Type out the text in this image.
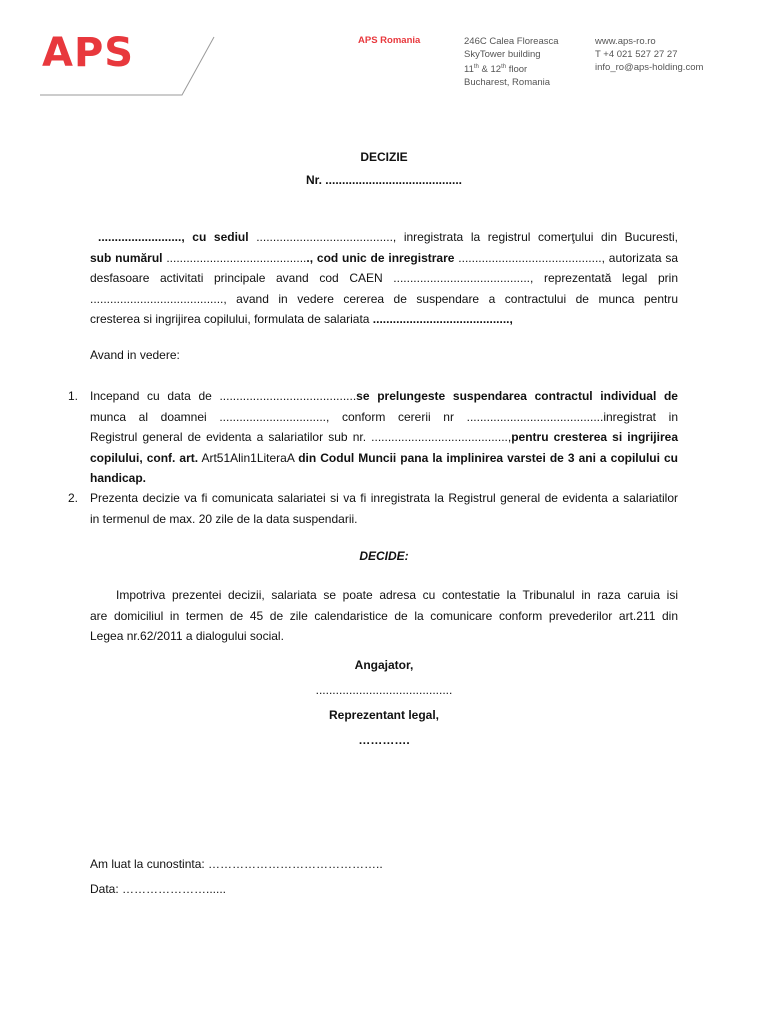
APS	APS Romania	246C Calea Floreasca
SkyTower building
11th & 12th floor
Bucharest, Romania
www.aps-ro.ro
T +4 021 527 27 27
info_ro@aps-holding.com
DECIZIE
Nr. .........................................
........................., cu sediul ........................................., inregistrata la registrul comerţului din Bucuresti,
sub numărul ..........................................., cod unic de inregistrare ..........................................., autorizata sa
desfasoare activitati principale avand cod CAEN ........................................., reprezentată legal prin
........................................, avand in vedere cererea de suspendare a contractului de munca pentru
cresterea si ingrijirea copilului, formulata de salariata .........................................,
Avand in vedere:
1. Incepand cu data de .........................................se prelungeste suspendarea contractul individual de
munca al doamnei ................................, conform cererii nr .........................................inregistrat in
Registrul general de evidenta a salariatilor sub nr. .........................................,pentru cresterea si ingrijirea
copilului, conf. art. Art51Alin1LiteraA din Codul Muncii pana la implinirea varstei de 3 ani a copilului cu
handicap.
2. Prezenta decizie va fi comunicata salariatei si va fi inregistrata la Registrul general de evidenta a salariatilor
in termenul de max. 20 zile de la data suspendarii.
DECIDE:
Impotriva prezentei decizii, salariata se poate adresa cu contestatie la Tribunalul in raza caruia isi
are domiciliul in termen de 45 de zile calendaristice de la comunicare conform prevederilor art.211 din
Legea nr.62/2011 a dialogului social.
Angajator,
.........................................
Reprezentant legal,
………….
Am luat la cunostinta: ……………………………………..
Data: …………………......
